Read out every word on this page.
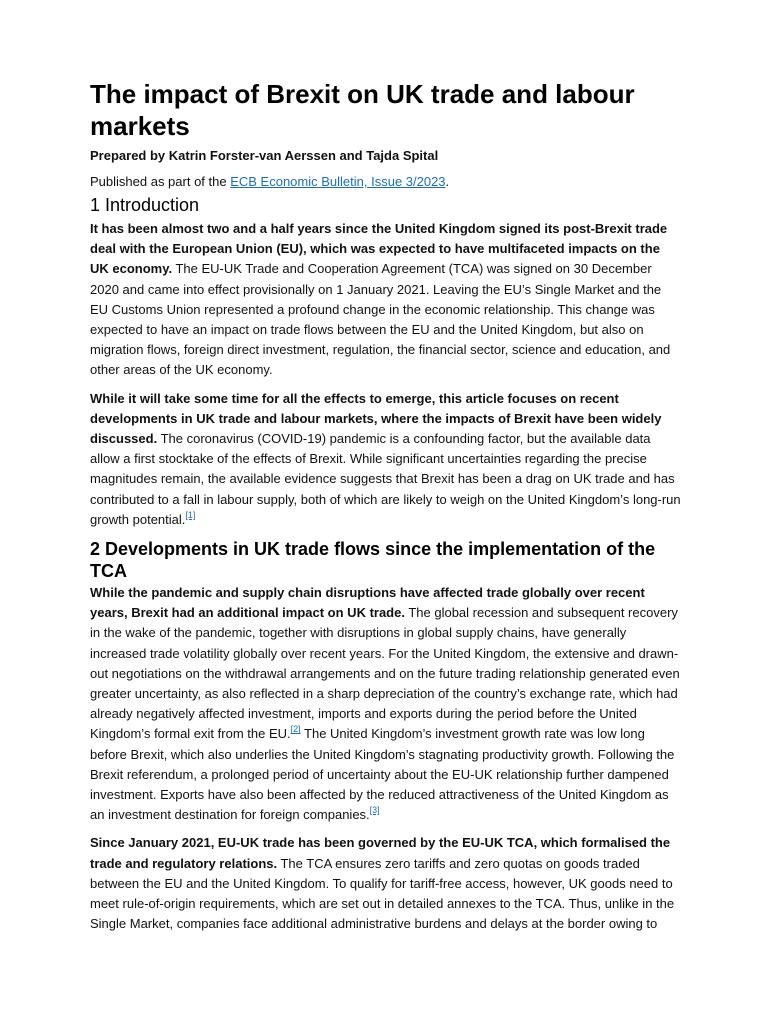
The impact of Brexit on UK trade and labour markets

Prepared by Katrin Forster-van Aerssen and Tajda Spital

Published as part of the ECB Economic Bulletin, Issue 3/2023.

1 Introduction

It has been almost two and a half years since the United Kingdom signed its post-Brexit trade deal with the European Union (EU), which was expected to have multifaceted impacts on the UK economy. The EU-UK Trade and Cooperation Agreement (TCA) was signed on 30 December 2020 and came into effect provisionally on 1 January 2021. Leaving the EU’s Single Market and the EU Customs Union represented a profound change in the economic relationship. This change was expected to have an impact on trade flows between the EU and the United Kingdom, but also on migration flows, foreign direct investment, regulation, the financial sector, science and education, and other areas of the UK economy.

While it will take some time for all the effects to emerge, this article focuses on recent developments in UK trade and labour markets, where the impacts of Brexit have been widely discussed. The coronavirus (COVID-19) pandemic is a confounding factor, but the available data allow a first stocktake of the effects of Brexit. While significant uncertainties regarding the precise magnitudes remain, the available evidence suggests that Brexit has been a drag on UK trade and has contributed to a fall in labour supply, both of which are likely to weigh on the United Kingdom’s long-run growth potential.[1]

2 Developments in UK trade flows since the implementation of the TCA

While the pandemic and supply chain disruptions have affected trade globally over recent years, Brexit had an additional impact on UK trade. The global recession and subsequent recovery in the wake of the pandemic, together with disruptions in global supply chains, have generally increased trade volatility globally over recent years. For the United Kingdom, the extensive and drawn-out negotiations on the withdrawal arrangements and on the future trading relationship generated even greater uncertainty, as also reflected in a sharp depreciation of the country’s exchange rate, which had already negatively affected investment, imports and exports during the period before the United Kingdom’s formal exit from the EU.[2] The United Kingdom’s investment growth rate was low long before Brexit, which also underlies the United Kingdom’s stagnating productivity growth. Following the Brexit referendum, a prolonged period of uncertainty about the EU-UK relationship further dampened investment. Exports have also been affected by the reduced attractiveness of the United Kingdom as an investment destination for foreign companies.[3]

Since January 2021, EU-UK trade has been governed by the EU-UK TCA, which formalised the trade and regulatory relations. The TCA ensures zero tariffs and zero quotas on goods traded between the EU and the United Kingdom. To qualify for tariff-free access, however, UK goods need to meet rule-of-origin requirements, which are set out in detailed annexes to the TCA. Thus, unlike in the Single Market, companies face additional administrative burdens and delays at the border owing to
